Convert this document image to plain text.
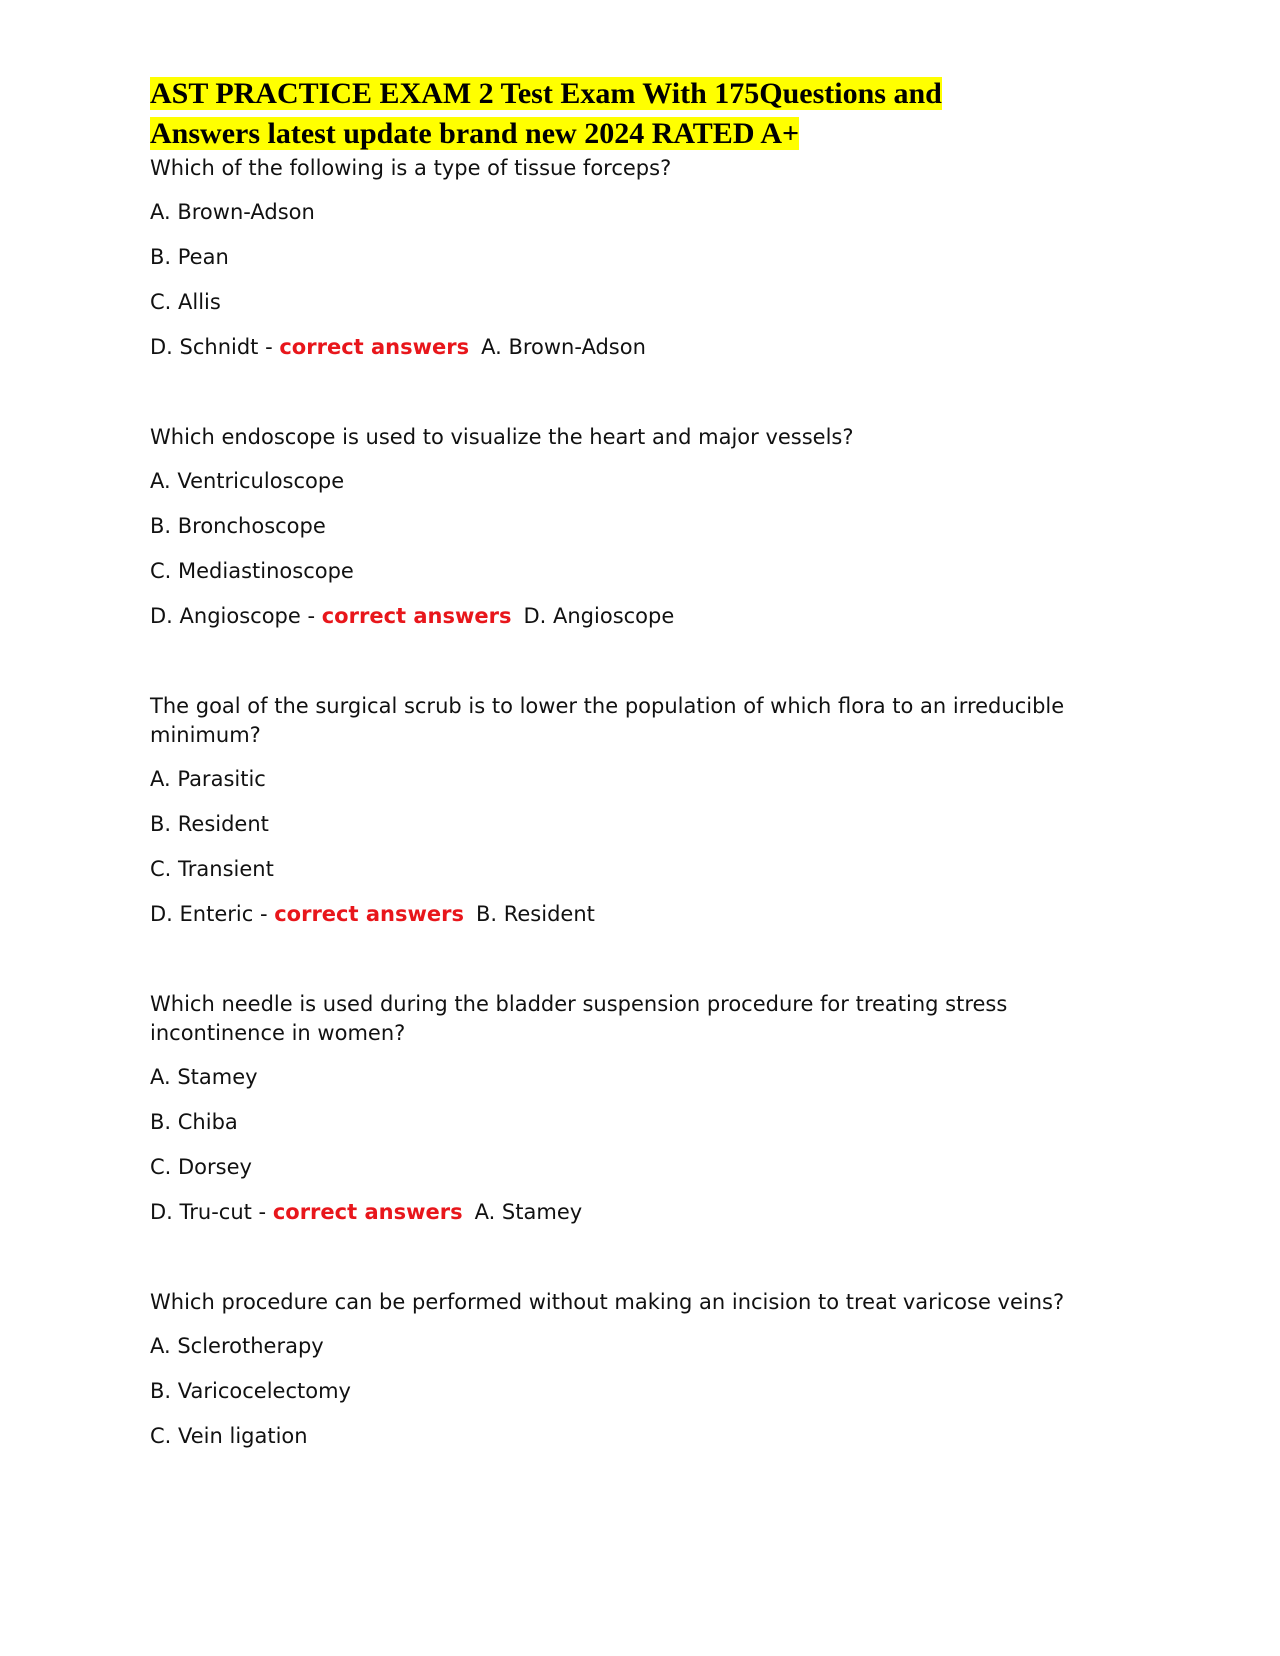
AST PRACTICE EXAM 2 Test Exam With 175Questions and
Answers latest update brand new 2024 RATED A+

Which of the following is a type of tissue forceps?

A. Brown-Adson

B. Pean

C. Allis

D. Schnidt - correct answers A. Brown-Adson

Which endoscope is used to visualize the heart and major vessels?

A. Ventriculoscope

B. Bronchoscope

C. Mediastinoscope

D. Angioscope - correct answers D. Angioscope

The goal of the surgical scrub is to lower the population of which flora to an irreducible minimum?

A. Parasitic

B. Resident

C. Transient

D. Enteric - correct answers B. Resident

Which needle is used during the bladder suspension procedure for treating stress incontinence in women?

A. Stamey

B. Chiba

C. Dorsey

D. Tru-cut - correct answers A. Stamey

Which procedure can be performed without making an incision to treat varicose veins?

A. Sclerotherapy

B. Varicocelectomy

C. Vein ligation
